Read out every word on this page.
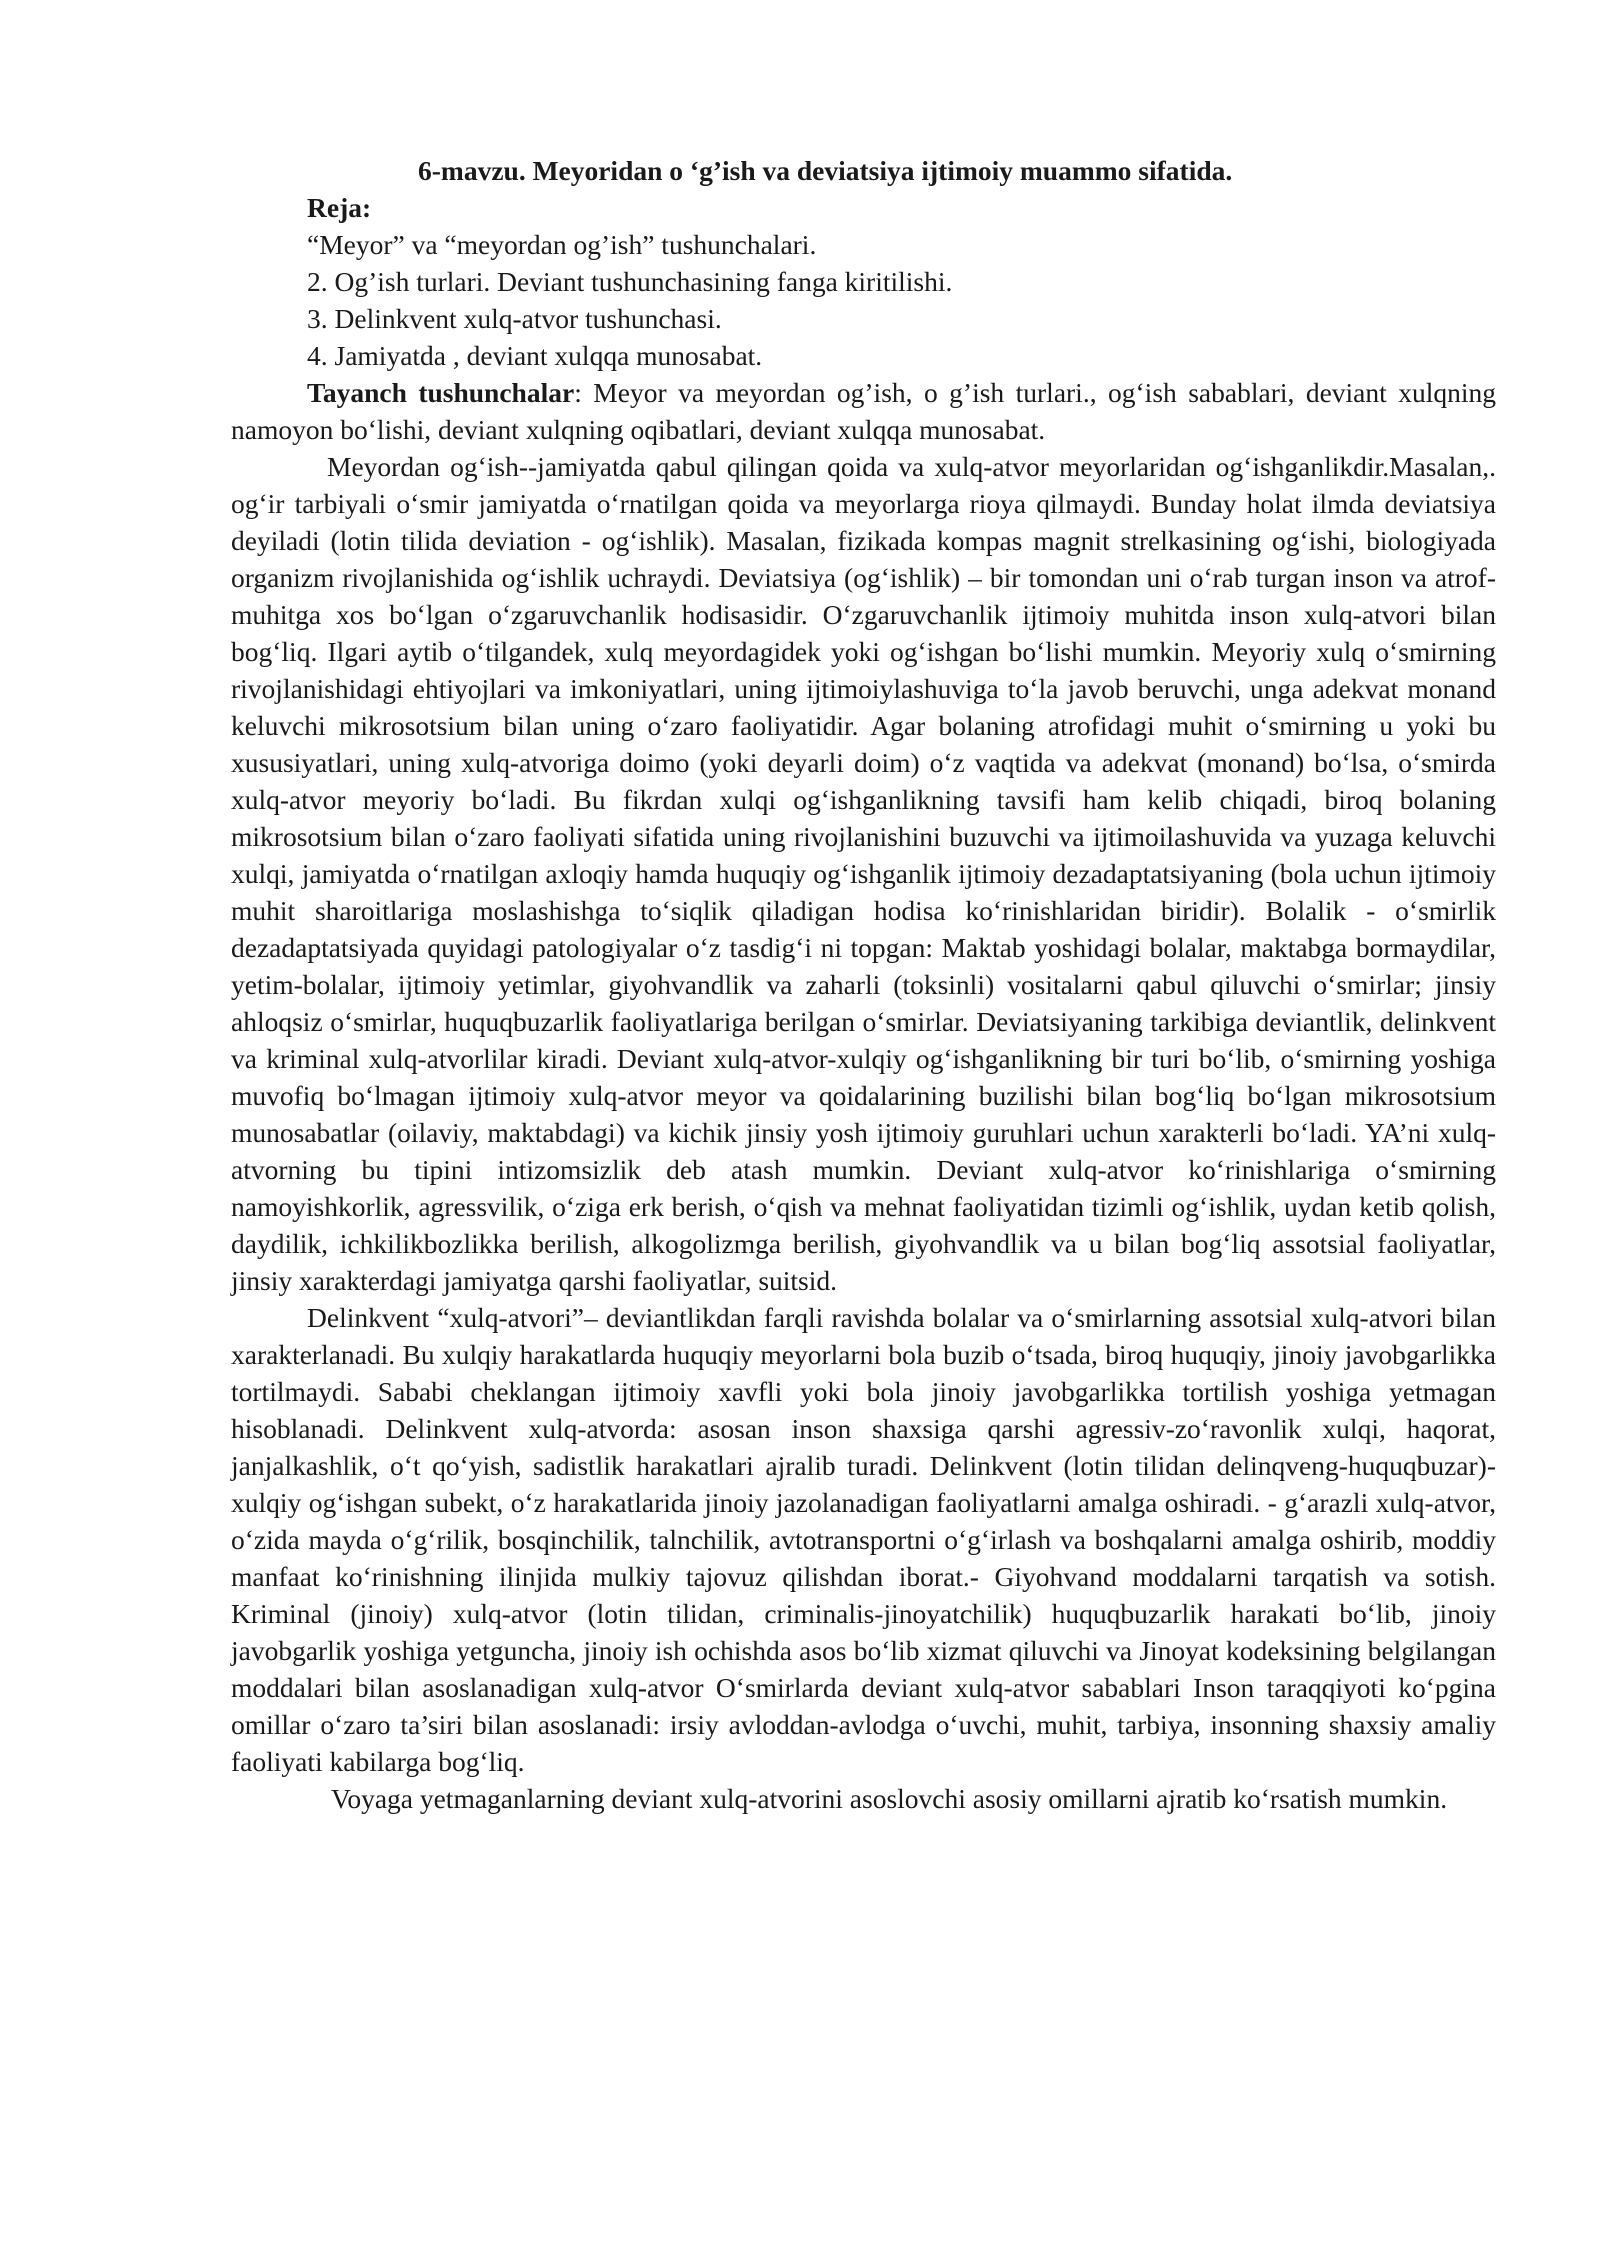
6-mavzu. Meyoridan o ‘g’ish va deviatsiya ijtimoiy muammo sifatida.
Reja:
“Meyor” va “meyordan og’ish” tushunchalari.
2. Og’ish turlari. Deviant tushunchasining fanga kiritilishi.
3. Delinkvent xulq-atvor tushunchasi.
4. Jamiyatda , deviant xulqqa munosabat.

Tayanch tushunchalar: Meyor va meyordan og’ish, o g’ish turlari., og‘ish sabablari, deviant xulqning namoyon bo‘lishi, deviant xulqning oqibatlari, deviant xulqqa munosabat.

Meyordan og‘ish--jamiyatda qabul qilingan qoida va xulq-atvor meyorlaridan og‘ishganlikdir.Masalan,. og‘ir tarbiyali o‘smir jamiyatda o‘rnatilgan qoida va meyorlarga rioya qilmaydi. Bunday holat ilmda deviatsiya deyiladi (lotin tilida deviation - og‘ishlik). Masalan, fizikada kompas magnit strelkasining og‘ishi, biologiyada organizm rivojlanishida og‘ishlik uchraydi. Deviatsiya (og‘ishlik) – bir tomondan uni o‘rab turgan inson va atrof-muhitga xos bo‘lgan o‘zgaruvchanlik hodisasidir. O‘zgaruvchanlik ijtimoiy muhitda inson xulq-atvori bilan bog‘liq. Ilgari aytib o‘tilgandek, xulq meyordagidek yoki og‘ishgan bo‘lishi mumkin. Meyoriy xulq o‘smirning rivojlanishidagi ehtiyojlari va imkoniyatlari, uning ijtimoiylashuviga to‘la javob beruvchi, unga adekvat monand keluvchi mikrosotsium bilan uning o‘zaro faoliyatidir. Agar bolaning atrofidagi muhit o‘smirning u yoki bu xususiyatlari, uning xulq-atvoriga doimo (yoki deyarli doim) o‘z vaqtida va adekvat (monand) bo‘lsa, o‘smirda xulq-atvor meyoriy bo‘ladi. Bu fikrdan xulqi og‘ishganlikning tavsifi ham kelib chiqadi, biroq bolaning mikrosotsium bilan o‘zaro faoliyati sifatida uning rivojlanishini buzuvchi va ijtimoilashuvida va yuzaga keluvchi xulqi, jamiyatda o‘rnatilgan axloqiy hamda huquqiy og‘ishganlik ijtimoiy dezadaptatsiyaning (bola uchun ijtimoiy muhit sharoitlariga moslashishga to‘siqlik qiladigan hodisa ko‘rinishlaridan biridir). Bolalik - o‘smirlik dezadaptatsiyada quyidagi patologiyalar o‘z tasdig‘i ni topgan: Maktab yoshidagi bolalar, maktabga bormaydilar, yetim-bolalar, ijtimoiy yetimlar, giyohvandlik va zaharli (toksinli) vositalarni qabul qiluvchi o‘smirlar; jinsiy ahloqsiz o‘smirlar, huquqbuzarlik faoliyatlariga berilgan o‘smirlar. Deviatsiyaning tarkibiga deviantlik, delinkvent va kriminal xulq-atvorlilar kiradi. Deviant xulq-atvor-xulqiy og‘ishganlikning bir turi bo‘lib, o‘smirning yoshiga muvofiq bo‘lmagan ijtimoiy xulq-atvor meyor va qoidalarining buzilishi bilan bog‘liq bo‘lgan mikrosotsium munosabatlar (oilaviy, maktabdagi) va kichik jinsiy yosh ijtimoiy guruhlari uchun xarakterli bo‘ladi. YA’ni xulq-atvorning bu tipini intizomsizlik deb atash mumkin. Deviant xulq-atvor ko‘rinishlariga o‘smirning namoyishkorlik, agressvilik, o‘ziga erk berish, o‘qish va mehnat faoliyatidan tizimli og‘ishlik, uydan ketib qolish, daydilik, ichkilikbozlikka berilish, alkogolizmga berilish, giyohvandlik va u bilan bog‘liq assotsial faoliyatlar, jinsiy xarakterdagi jamiyatga qarshi faoliyatlar, suitsid.

Delinkvent “xulq-atvori”– deviantlikdan farqli ravishda bolalar va o‘smirlarning assotsial xulq-atvori bilan xarakterlanadi. Bu xulqiy harakatlarda huquqiy meyorlarni bola buzib o‘tsada, biroq huquqiy, jinoiy javobgarlikka tortilmaydi. Sababi cheklangan ijtimoiy xavfli yoki bola jinoiy javobgarlikka tortilish yoshiga yetmagan hisoblanadi. Delinkvent xulq-atvorda: asosan inson shaxsiga qarshi agressiv-zo‘ravonlik xulqi, haqorat, janjalkashlik, o‘t qo‘yish, sadistlik harakatlari ajralib turadi. Delinkvent (lotin tilidan delinqveng-huquqbuzar)-xulqiy og‘ishgan subekt, o‘z harakatlarida jinoiy jazolanadigan faoliyatlarni amalga oshiradi. - g‘arazli xulq-atvor, o‘zida mayda o‘g‘rilik, bosqinchilik, talnchilik, avtotransportni o‘g‘irlash va boshqalarni amalga oshirib, moddiy manfaat ko‘rinishning ilinjida mulkiy tajovuz qilishdan iborat.- Giyohvand moddalarni tarqatish va sotish. Kriminal (jinoiy) xulq-atvor (lotin tilidan, criminalis-jinoyatchilik) huquqbuzarlik harakati bo‘lib, jinoiy javobgarlik yoshiga yetguncha, jinoiy ish ochishda asos bo‘lib xizmat qiluvchi va Jinoyat kodeksining belgilangan moddalari bilan asoslanadigan xulq-atvor O‘smirlarda deviant xulq-atvor sabablari Inson taraqqiyoti ko‘pgina omillar o‘zaro ta’siri bilan asoslanadi: irsiy avloddan-avlodga o‘uvchi, muhit, tarbiya, insonning shaxsiy amaliy faoliyati kabilarga bog‘liq.

Voyaga yetmaganlarning deviant xulq-atvorini asoslovchi asosiy omillarni ajratib ko‘rsatish mumkin.
